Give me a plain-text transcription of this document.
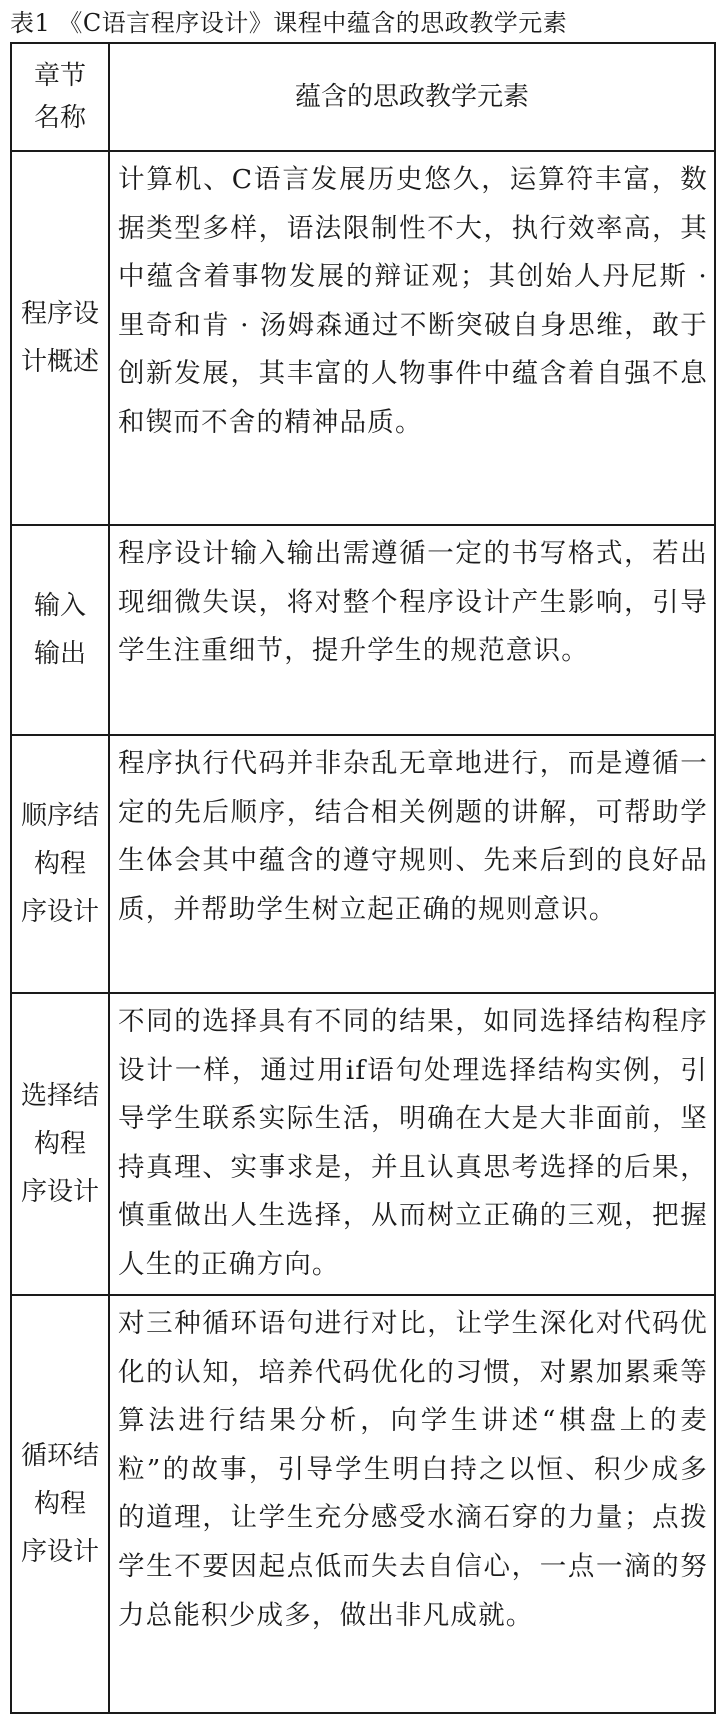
表1 《C语言程序设计》课程中蕴含的思政教学元素
章节
名称	蕴含的思政教学元素

程序设
计概述	计算机、C语言发展历史悠久，运算符丰富，数据类型多样，语法限制性不大，执行效率高，其中蕴含着事物发展的辩证观；其创始人丹尼斯 · 里奇和肯 · 汤姆森通过不断突破自身思维，敢于创新发展，其丰富的人物事件中蕴含着自强不息和锲而不舍的精神品质。

输入
输出	程序设计输入输出需遵循一定的书写格式，若出现细微失误，将对整个程序设计产生影响，引导学生注重细节，提升学生的规范意识。

顺序结
构程
序设计	程序执行代码并非杂乱无章地进行，而是遵循一定的先后顺序，结合相关例题的讲解，可帮助学生体会其中蕴含的遵守规则、先来后到的良好品质，并帮助学生树立起正确的规则意识。

选择结
构程
序设计	不同的选择具有不同的结果，如同选择结构程序设计一样，通过用if语句处理选择结构实例，引导学生联系实际生活，明确在大是大非面前，坚持真理、实事求是，并且认真思考选择的后果，慎重做出人生选择，从而树立正确的三观，把握人生的正确方向。

循环结
构程
序设计	对三种循环语句进行对比，让学生深化对代码优化的认知，培养代码优化的习惯，对累加累乘等算法进行结果分析，向学生讲述“棋盘上的麦粒”的故事，引导学生明白持之以恒、积少成多的道理，让学生充分感受水滴石穿的力量；点拨学生不要因起点低而失去自信心，一点一滴的努力总能积少成多，做出非凡成就。
